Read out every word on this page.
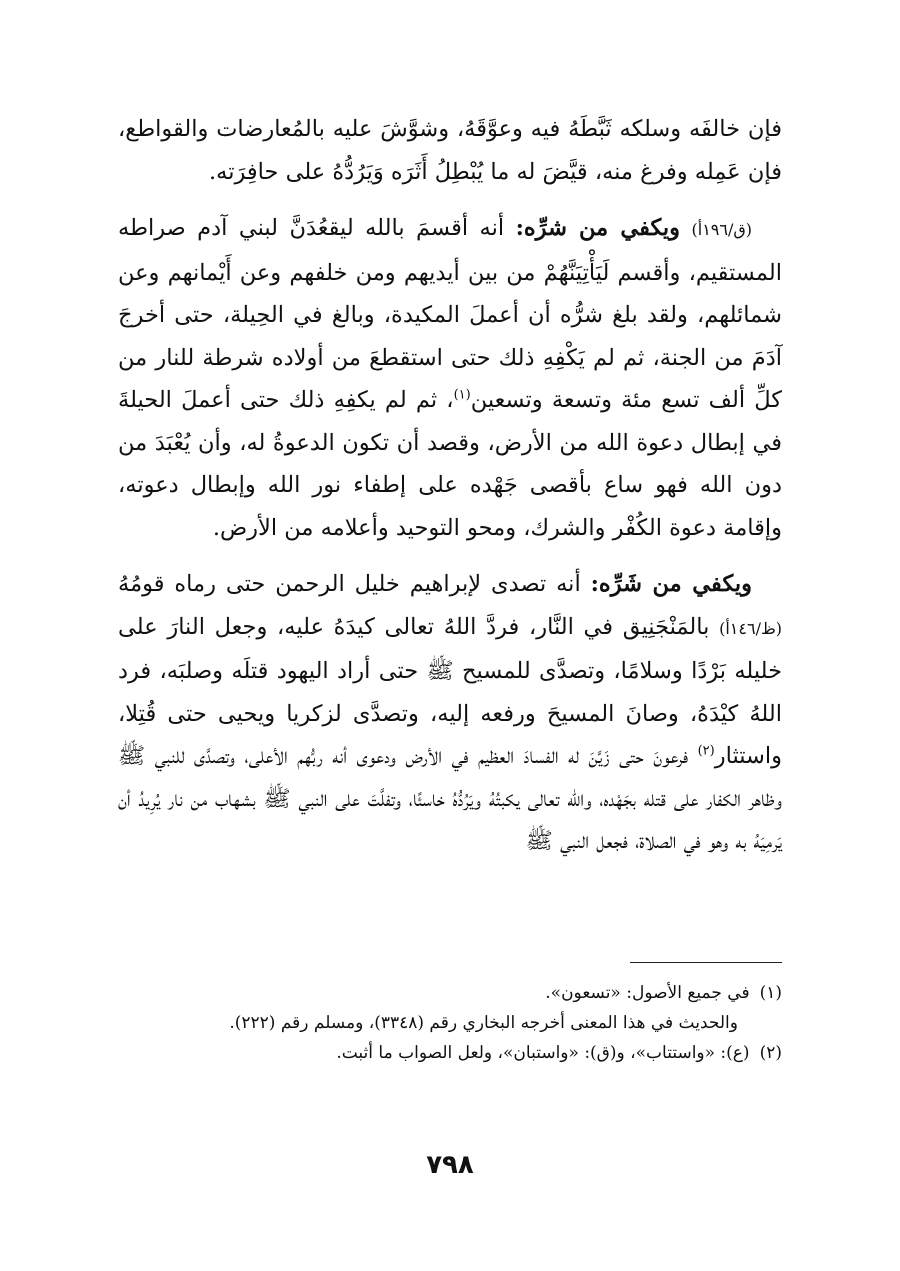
فإن خالفَه وسلكه ثَبَّطَهُ فيه وعوَّقَهُ، وشوَّشَ عليه بالمُعارضات والقواطع، فإن عَمِله وفرغ منه، قيَّضَ له ما يُبْطِلُ أَثَرَه وَيَرُدُّهُ على حافِرَته.

(ق/١٩٦أ) ويكفي من شرِّه: أنه أقسمَ بالله ليقعُدَنَّ لبني آدم صراطه المستقيم، وأقسم لَيَأْتِيَنَّهُمْ من بين أيديهم ومن خلفهم وعن أَيْمانهم وعن شمائلهم، ولقد بلغ شرُّه أن أعملَ المكيدة، وبالغ في الحِيلة، حتى أخرجَ آدَمَ من الجنة، ثم لم يَكْفِهِ ذلك حتى استقطعَ من أولاده شرطة للنار من كلِّ ألف تسع مئة وتسعة وتسعين$^{(١)}$، ثم لم يكفِهِ ذلك حتى أعملَ الحيلةَ في إبطال دعوة الله من الأرض، وقصد أن تكون الدعوةُ له، وأن يُعْبَدَ من دون الله فهو ساع بأقصى جَهْده على إطفاء نور الله وإبطال دعوته، وإقامة دعوة الكُفْر والشرك، ومحو التوحيد وأعلامه من الأرض.

ويكفي من شَرِّه: أنه تصدى لإبراهيم خليل الرحمن حتى رماه قومُهُ (ظ/١٤٦أ) بالمَنْجَنِيق في النَّار، فردَّ اللهُ تعالى كيدَهُ عليه، وجعل النارَ على خليله بَرْدًا وسلامًا، وتصدَّى للمسيح ﷺ حتى أراد اليهود قتلَه وصلبَه، فرد اللهُ كيْدَهُ، وصانَ المسيحَ ورفعه إليه، وتصدَّى لزكريا ويحيى حتى قُتِلا، واستثار$^{(٢)}$ فرعونَ حتى زَيَّنَ له الفسادَ العظيم في الأرض ودعوى أنه ربُّهم الأعلى، وتصدَّى للنبي ﷺ وظاهر الكفار على قتله بجَهْده، والله تعالى يكبتُهُ ويَرُدُّهُ خاسئًا، وتفلَّتَ على النبي ﷺ بشهاب من نار يُرِيدُ أن يَرمِيَهُ به وهو في الصلاة، فجعل النبي ﷺ

(١)في جميع الأصول: «تسعون».

والحديث في هذا المعنى أخرجه البخاري رقم (٣٣٤٨)، ومسلم رقم (٢٢٢).

(٢)(ع): «واستتاب»، و(ق): «واستبان»، ولعل الصواب ما أثبت.

٧٩٨
